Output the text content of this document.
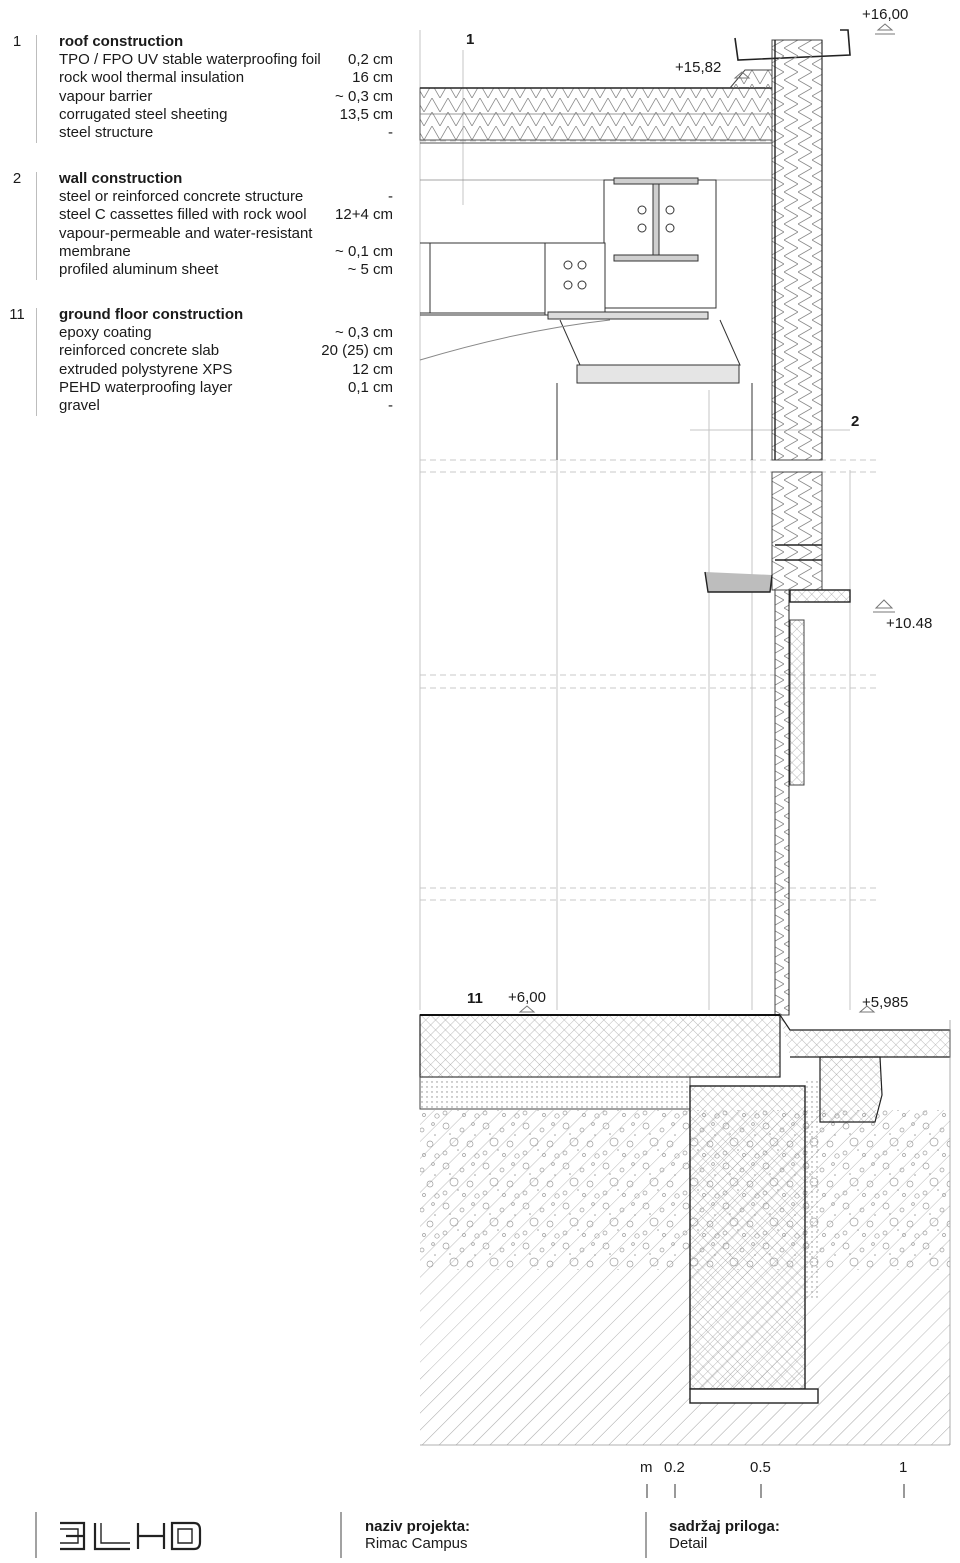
1	roof construction
TPO / FPO UV stable waterproofing foil 0,2 cm
rock wool thermal insulation	16 cm
vapour barrier	~ 0,3 cm
corrugated steel sheeting	13,5 cm
steel structure	-
2	wall construction
steel or reinforced concrete structure	-
steel C cassettes filled with rock wool 12+4 cm
vapour-permeable and water-resistant
membrane	~ 0,1 cm
profiled aluminum sheet	~ 5 cm
11	ground floor construction
epoxy coating	~ 0,3 cm
reinforced concrete slab	20 (25) cm
extruded polystyrene XPS	12 cm
PEHD waterproofing layer	0,1 cm
gravel	-
+16,00
+15,82
+10.48
+6,00	+5,985
1
2
11
m 0.2	0.5	1
naziv projekta:
Rimac Campus
sadržaj priloga:
Detail
